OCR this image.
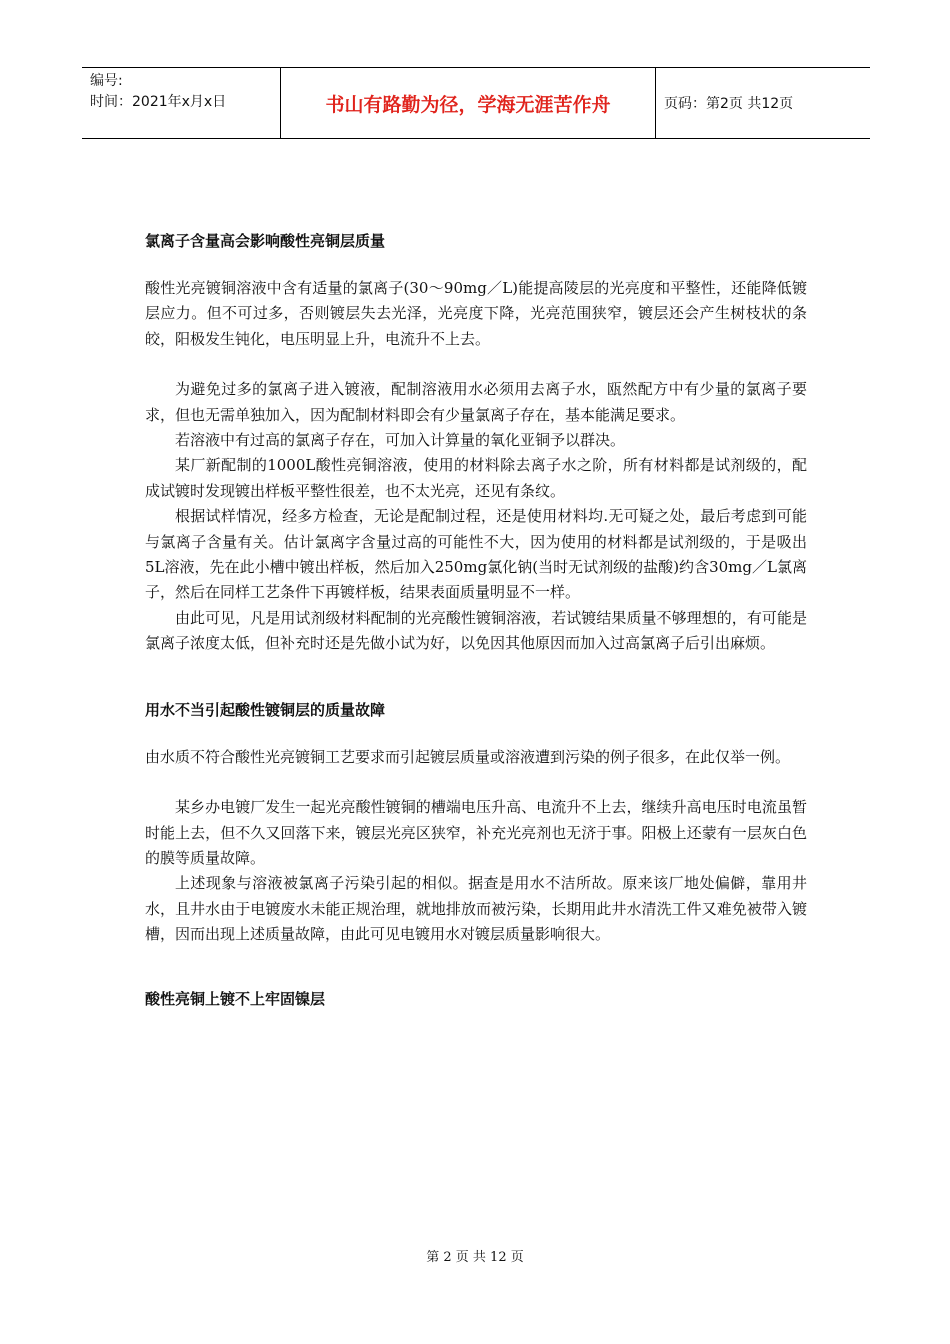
编号:
时间：2021年x月x日	书山有路勤为径，学海无涯苦作舟	页码：第2页 共12页
氯离子含量高会影响酸性亮铜层质量

酸性光亮镀铜溶液中含有适量的氯离子(30～90mg／L)能提高陵层的光亮度和平整性，还能降低镀层应力。但不可过多，否则镀层失去光泽，光亮度下降，光亮范围狭窄，镀层还会产生树枝状的条皎，阳极发生钝化，电压明显上升，电流升不上去。

为避免过多的氯离子进入镀液，配制溶液用水必须用去离子水，瓯然配方中有少量的氯离子要求，但也无需单独加入，因为配制材料即会有少量氯离子存在，基本能满足要求。

若溶液中有过高的氯离子存在，可加入计算量的氧化亚铜予以群决。

某厂新配制的1000L酸性亮铜溶液，使用的材料除去离子水之阶，所有材料都是试剂级的，配成试镀时发现镀出样板平整性很差，也不太光亮，还见有条纹。

根据试样情况，经多方检查，无论是配制过程，还是使用材料均.无可疑之处，最后考虑到可能与氯离子含量有关。估计氯离字含量过高的可能性不大，因为使用的材料都是试剂级的，于是吸出5L溶液，先在此小槽中镀出样板，然后加入250mg氯化钠(当时无试剂级的盐酸)约含30mg／L氯离子，然后在同样工艺条件下再镀样板，结果表面质量明显不一样。

由此可见，凡是用试剂级材料配制的光亮酸性镀铜溶液，若试镀结果质量不够理想的，有可能是氯离子浓度太低，但补充时还是先做小试为好，以免因其他原因而加入过高氯离子后引出麻烦。

用水不当引起酸性镀铜层的质量故障

由水质不符合酸性光亮镀铜工艺要求而引起镀层质量或溶液遭到污染的例子很多，在此仅举一例。

某乡办电镀厂发生一起光亮酸性镀铜的槽端电压升高、电流升不上去，继续升高电压时电流虽暂时能上去，但不久又回落下来，镀层光亮区狭窄，补充光亮剂也无济于事。阳极上还蒙有一层灰白色的膜等质量故障。

上述现象与溶液被氯离子污染引起的相似。据查是用水不洁所故。原来该厂地处偏僻，靠用井水，且井水由于电镀废水未能正规治理，就地排放而被污染，长期用此井水清洗工件又难免被带入镀槽，因而出现上述质量故障，由此可见电镀用水对镀层质量影响很大。

酸性亮铜上镀不上牢固镍层
第 2 页 共 12 页
